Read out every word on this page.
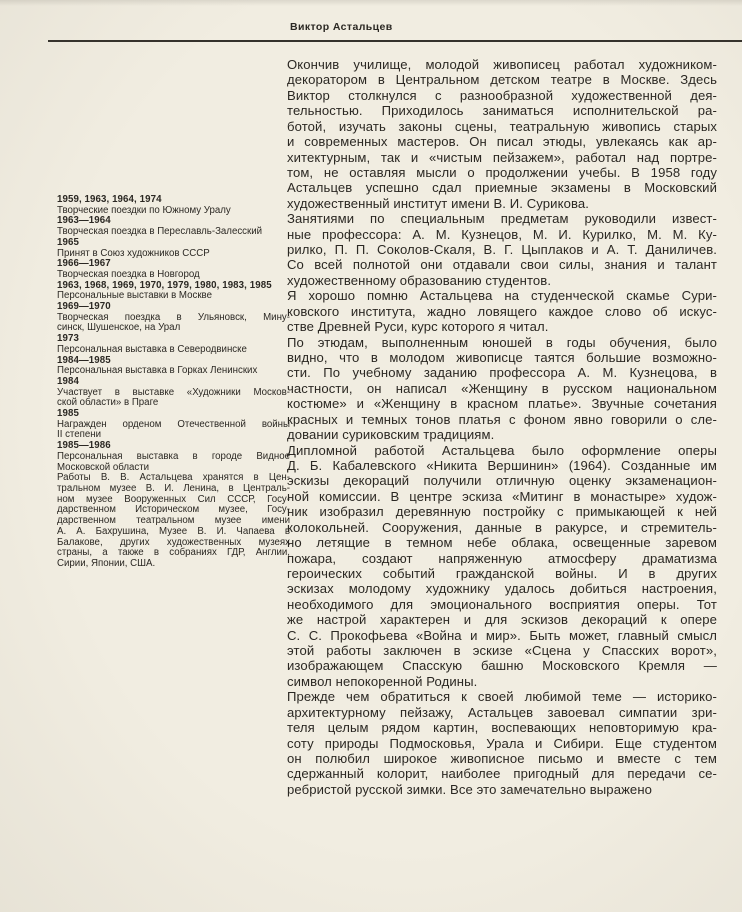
Виктор Астальцев
1959, 1963, 1964, 1974
Творческие поездки по Южному Уралу
1963—1964
Творческая поездка в Переславль-Залесский
1965
Принят в Союз художников СССР
1966—1967
Творческая поездка в Новгород
1963, 1968, 1969, 1970, 1979, 1980, 1983, 1985
Персональные выставки в Москве
1969—1970
Творческая поездка в Ульяновск, Мину-
синск, Шушенское, на Урал
1973
Персональная выставка в Северодвинске
1984—1985
Персональная выставка в Горках Ленинских
1984
Участвует в выставке «Художники Москов-
ской области» в Праге
1985
Награжден орденом Отечественной войны
II степени
1985—1986
Персональная выставка в городе Видное
Московской области
Работы В. В. Астальцева хранятся в Цен-
тральном музее В. И. Ленина, в Централь-
ном музее Вооруженных Сил СССР, Госу-
дарственном Историческом музее, Госу-
дарственном театральном музее имени
А. А. Бахрушина, Музее В. И. Чапаева в
Балакове, других художественных музеях
страны, а также в собраниях ГДР, Англии,
Сирии, Японии, США.
Окончив училище, молодой живописец работал художником-
декоратором в Центральном детском театре в Москве. Здесь
Виктор столкнулся с разнообразной художественной дея-
тельностью. Приходилось заниматься исполнительской ра-
ботой, изучать законы сцены, театральную живопись старых
и современных мастеров. Он писал этюды, увлекаясь как ар-
хитектурным, так и «чистым пейзажем», работал над портре-
том, не оставляя мысли о продолжении учебы. В 1958 году
Астальцев успешно сдал приемные экзамены в Московский
художественный институт имени В. И. Сурикова.
Занятиями по специальным предметам руководили извест-
ные профессора: А. М. Кузнецов, М. И. Курилко, М. М. Ку-
рилко, П. П. Соколов-Скаля, В. Г. Цыплаков и А. Т. Даниличев.
Со всей полнотой они отдавали свои силы, знания и талант
художественному образованию студентов.
Я хорошо помню Астальцева на студенческой скамье Сури-
ковского института, жадно ловящего каждое слово об искус-
стве Древней Руси, курс которого я читал.
По этюдам, выполненным юношей в годы обучения, было
видно, что в молодом живописце таятся большие возможно-
сти. По учебному заданию профессора А. М. Кузнецова, в
частности, он написал «Женщину в русском национальном
костюме» и «Женщину в красном платье». Звучные сочетания
красных и темных тонов платья с фоном явно говорили о сле-
довании суриковским традициям.
Дипломной работой Астальцева было оформление оперы
Д. Б. Кабалевского «Никита Вершинин» (1964). Созданные им
эскизы декораций получили отличную оценку экзаменацион-
ной комиссии. В центре эскиза «Митинг в монастыре» худож-
ник изобразил деревянную постройку с примыкающей к ней
колокольней. Сооружения, данные в ракурсе, и стремитель-
но летящие в темном небе облака, освещенные заревом
пожара, создают напряженную атмосферу драматизма
героических событий гражданской войны. И в других
эскизах молодому художнику удалось добиться настроения,
необходимого для эмоционального восприятия оперы. Тот
же настрой характерен и для эскизов декораций к опере
С. С. Прокофьева «Война и мир». Быть может, главный смысл
этой работы заключен в эскизе «Сцена у Спасских ворот»,
изображающем Спасскую башню Московского Кремля —
символ непокоренной Родины.
Прежде чем обратиться к своей любимой теме — историко-
архитектурному пейзажу, Астальцев завоевал симпатии зри-
теля целым рядом картин, воспевающих неповторимую кра-
соту природы Подмосковья, Урала и Сибири. Еще студентом
он полюбил широкое живописное письмо и вместе с тем
сдержанный колорит, наиболее пригодный для передачи се-
ребристой русской зимки. Все это замечательно выражено
